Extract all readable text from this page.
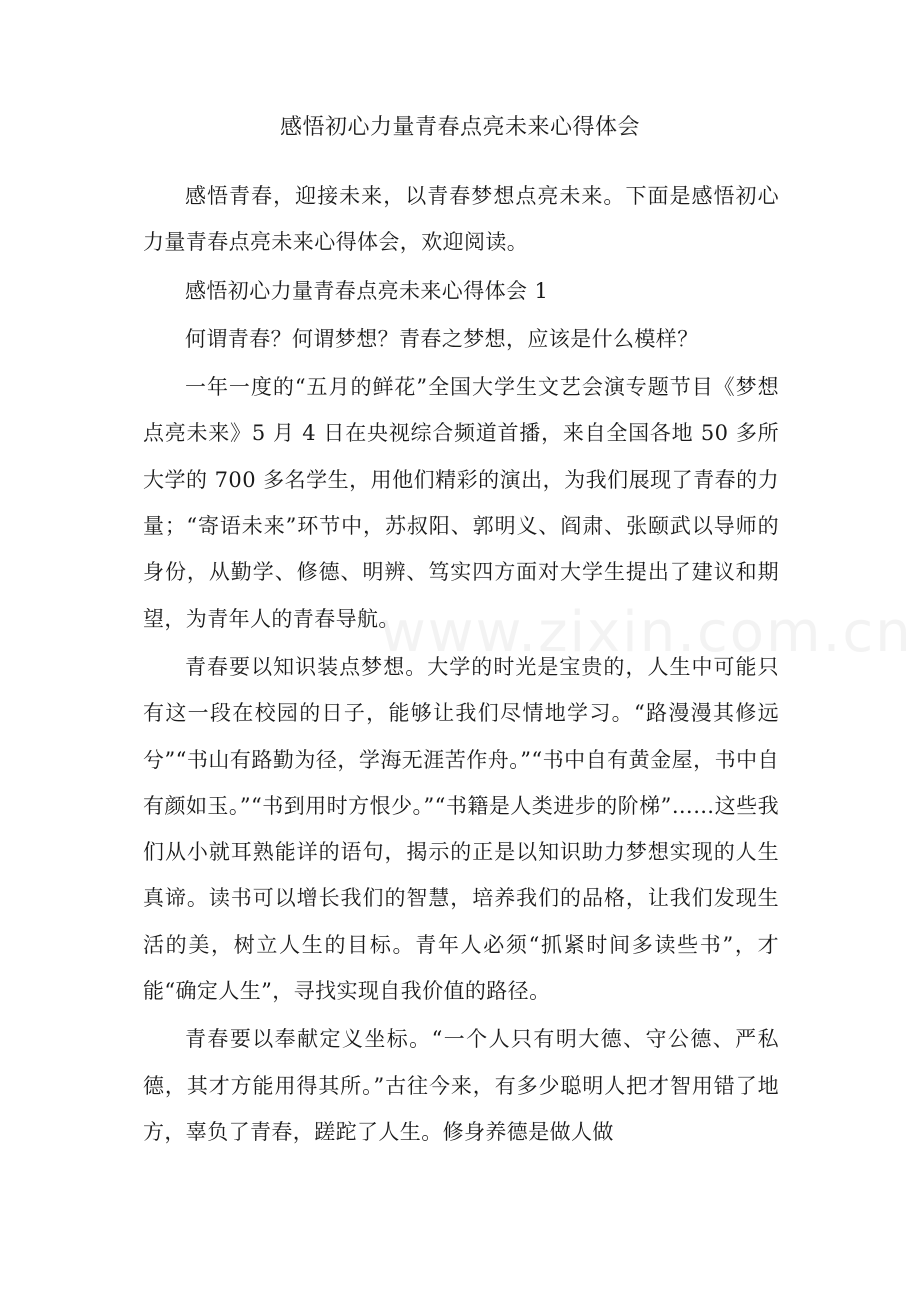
感悟初心力量青春点亮未来心得体会

感悟青春，迎接未来，以青春梦想点亮未来。下面是感悟初心力量青春点亮未来心得体会，欢迎阅读。

感悟初心力量青春点亮未来心得体会 1

何谓青春？何谓梦想？青春之梦想，应该是什么模样？

一年一度的“五月的鲜花”全国大学生文艺会演专题节目《梦想点亮未来》5 月 4 日在央视综合频道首播，来自全国各地 50 多所大学的 700 多名学生，用他们精彩的演出，为我们展现了青春的力量；“寄语未来”环节中，苏叔阳、郭明义、阎肃、张颐武以导师的身份，从勤学、修德、明辨、笃实四方面对大学生提出了建议和期望，为青年人的青春导航。

青春要以知识装点梦想。大学的时光是宝贵的，人生中可能只有这一段在校园的日子，能够让我们尽情地学习。“路漫漫其修远兮”“书山有路勤为径，学海无涯苦作舟。”“书中自有黄金屋，书中自有颜如玉。”“书到用时方恨少。”“书籍是人类进步的阶梯”……这些我们从小就耳熟能详的语句，揭示的正是以知识助力梦想实现的人生真谛。读书可以增长我们的智慧，培养我们的品格，让我们发现生活的美，树立人生的目标。青年人必须“抓紧时间多读些书”，才能“确定人生”，寻找实现自我价值的路径。

青春要以奉献定义坐标。“一个人只有明大德、守公德、严私德，其才方能用得其所。”古往今来，有多少聪明人把才智用错了地方，辜负了青春，蹉跎了人生。修身养德是做人做

www.zixin.com.cn
